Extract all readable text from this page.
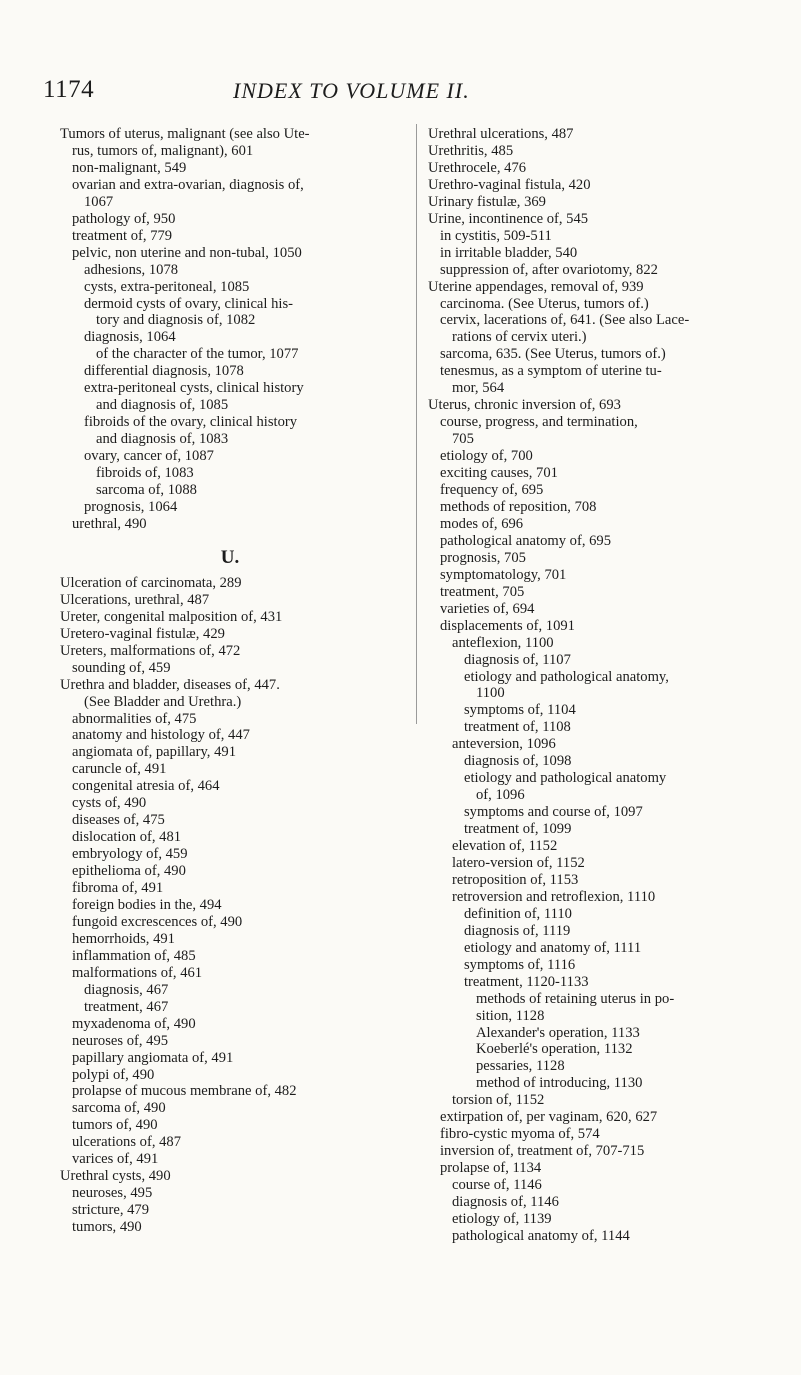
1174	INDEX TO VOLUME II.
Tumors of uterus, malignant (see also Ute-
rus, tumors of, malignant), 601
non-malignant, 549
ovarian and extra-ovarian, diagnosis of,
1067
pathology of, 950
treatment of, 779
pelvic, non uterine and non-tubal, 1050
adhesions, 1078
cysts, extra-peritoneal, 1085
dermoid cysts of ovary, clinical his-
tory and diagnosis of, 1082
diagnosis, 1064
of the character of the tumor, 1077
differential diagnosis, 1078
extra-peritoneal cysts, clinical history
and diagnosis of, 1085
fibroids of the ovary, clinical history
and diagnosis of, 1083
ovary, cancer of, 1087
fibroids of, 1083
sarcoma of, 1088
prognosis, 1064
urethral, 490
U.
Ulceration of carcinomata, 289
Ulcerations, urethral, 487
Ureter, congenital malposition of, 431
Uretero-vaginal fistulæ, 429
Ureters, malformations of, 472
sounding of, 459
Urethra and bladder, diseases of, 447.
(See Bladder and Urethra.)
abnormalities of, 475
anatomy and histology of, 447
angiomata of, papillary, 491
caruncle of, 491
congenital atresia of, 464
cysts of, 490
diseases of, 475
dislocation of, 481
embryology of, 459
epithelioma of, 490
fibroma of, 491
foreign bodies in the, 494
fungoid excrescences of, 490
hemorrhoids, 491
inflammation of, 485
malformations of, 461
diagnosis, 467
treatment, 467
myxadenoma of, 490
neuroses of, 495
papillary angiomata of, 491
polypi of, 490
prolapse of mucous membrane of, 482
sarcoma of, 490
tumors of, 490
ulcerations of, 487
varices of, 491
Urethral cysts, 490
neuroses, 495
stricture, 479
tumors, 490
Urethral ulcerations, 487
Urethritis, 485
Urethrocele, 476
Urethro-vaginal fistula, 420
Urinary fistulæ, 369
Urine, incontinence of, 545
in cystitis, 509-511
in irritable bladder, 540
suppression of, after ovariotomy, 822
Uterine appendages, removal of, 939
carcinoma. (See Uterus, tumors of.)
cervix, lacerations of, 641. (See also Lace-
rations of cervix uteri.)
sarcoma, 635. (See Uterus, tumors of.)
tenesmus, as a symptom of uterine tu-
mor, 564
Uterus, chronic inversion of, 693
course, progress, and termination,
705
etiology of, 700
exciting causes, 701
frequency of, 695
methods of reposition, 708
modes of, 696
pathological anatomy of, 695
prognosis, 705
symptomatology, 701
treatment, 705
varieties of, 694
displacements of, 1091
anteflexion, 1100
diagnosis of, 1107
etiology and pathological anatomy,
1100
symptoms of, 1104
treatment of, 1108
anteversion, 1096
diagnosis of, 1098
etiology and pathological anatomy
of, 1096
symptoms and course of, 1097
treatment of, 1099
elevation of, 1152
latero-version of, 1152
retroposition of, 1153
retroversion and retroflexion, 1110
definition of, 1110
diagnosis of, 1119
etiology and anatomy of, 1111
symptoms of, 1116
treatment, 1120-1133
methods of retaining uterus in po-
sition, 1128
Alexander's operation, 1133
Koeberlé's operation, 1132
pessaries, 1128
method of introducing, 1130
torsion of, 1152
extirpation of, per vaginam, 620, 627
fibro-cystic myoma of, 574
inversion of, treatment of, 707-715
prolapse of, 1134
course of, 1146
diagnosis of, 1146
etiology of, 1139
pathological anatomy of, 1144
